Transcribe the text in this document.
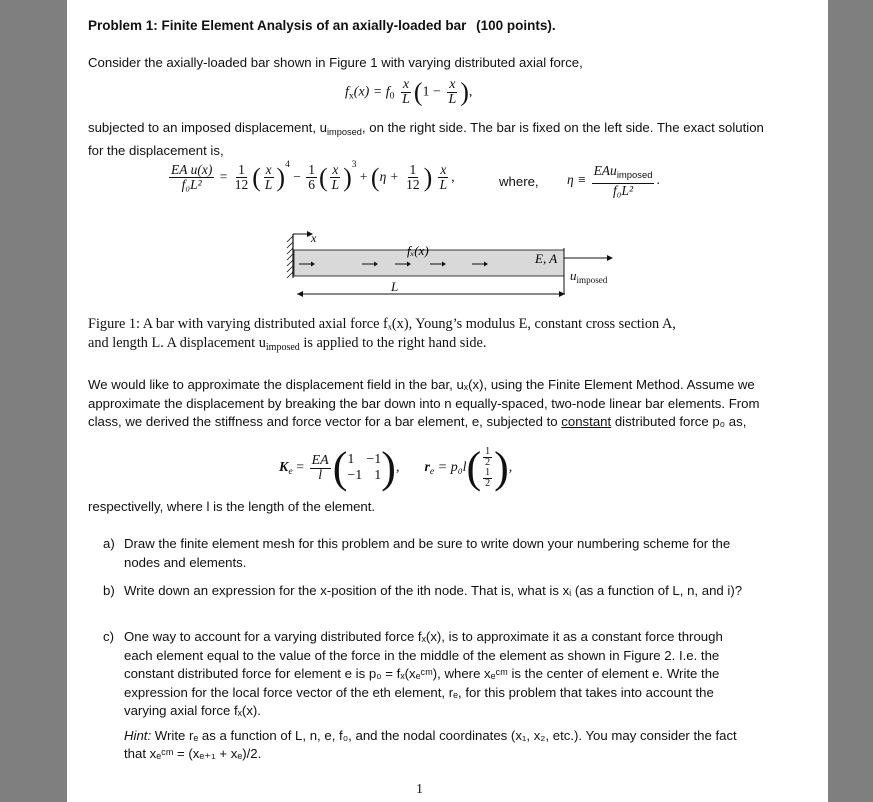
Problem 1: Finite Element Analysis of an axially-loaded bar (100 points).
Consider the axially-loaded bar shown in Figure 1 with varying distributed axial force,
$f_x(x) = f_0 \frac{x}{L} (1 - \frac{x}{L}$ ),
subjected to an imposed displacement, $u_{imposed}$, on the right side. The bar is fixed on the left side. The exact solution for the displacement is,
$\frac{\text{EA u(x)}}{\text{f₀L²}} = \frac{1}{12}$ ( $\frac{x}{L} )^4 - \frac{1}{6}$ ( $\frac{x}{L} )^3 + (\eta + \frac{1}{12}$ ) $\frac{x}{L}$ ,	where, $\eta \equiv \frac{EAu_{imposed}}{\text{f₀L²}}$ .
x
fₓ(x)
E, A
$u_{imposed}$
L
Figure 1: A bar with varying distributed axial force fₓ(x), Young’s modulus E, constant cross section A,
and length L. A displacement $u_{imposed}$ is applied to the right hand side.
We would like to approximate the displacement field in the bar, uₓ(x), using the Finite Element Method. Assume we approximate the displacement by breaking the bar down into n equally-spaced, two-node linear bar elements. From class, we derived the stiffness and force vector for a bar element, e, subjected to constant distributed force p₀ as,
$K_e = \frac{EA}{l}$ ( 1 −1
−1 1 ), $r_e = p_0l( \frac{1}{2}$
$\frac{1}{2}$ ),
respectivelly, where l is the length of the element.
a) Draw the finite element mesh for this problem and be sure to write down your numbering scheme for the nodes and elements.
b) Write down an expression for the x-position of the ith node. That is, what is xᵢ (as a function of L, n, and i)?
c) One way to account for a varying distributed force fₓ(x), is to approximate it as a constant force through each element equal to the value of the force in the middle of the element as shown in Figure 2. I.e. the constant distributed force for element e is p₀ = fₓ(xₑᶜᵐ), where xₑᶜᵐ is the center of element e. Write the expression for the local force vector of the eth element, rₑ, for this problem that takes into account the varying axial force fₓ(x).
Hint: Write rₑ as a function of L, n, e, f₀, and the nodal coordinates (x₁, x₂, etc.). You may consider the fact that xₑᶜᵐ = (xₑ₊₁ + xₑ)/2.
1
